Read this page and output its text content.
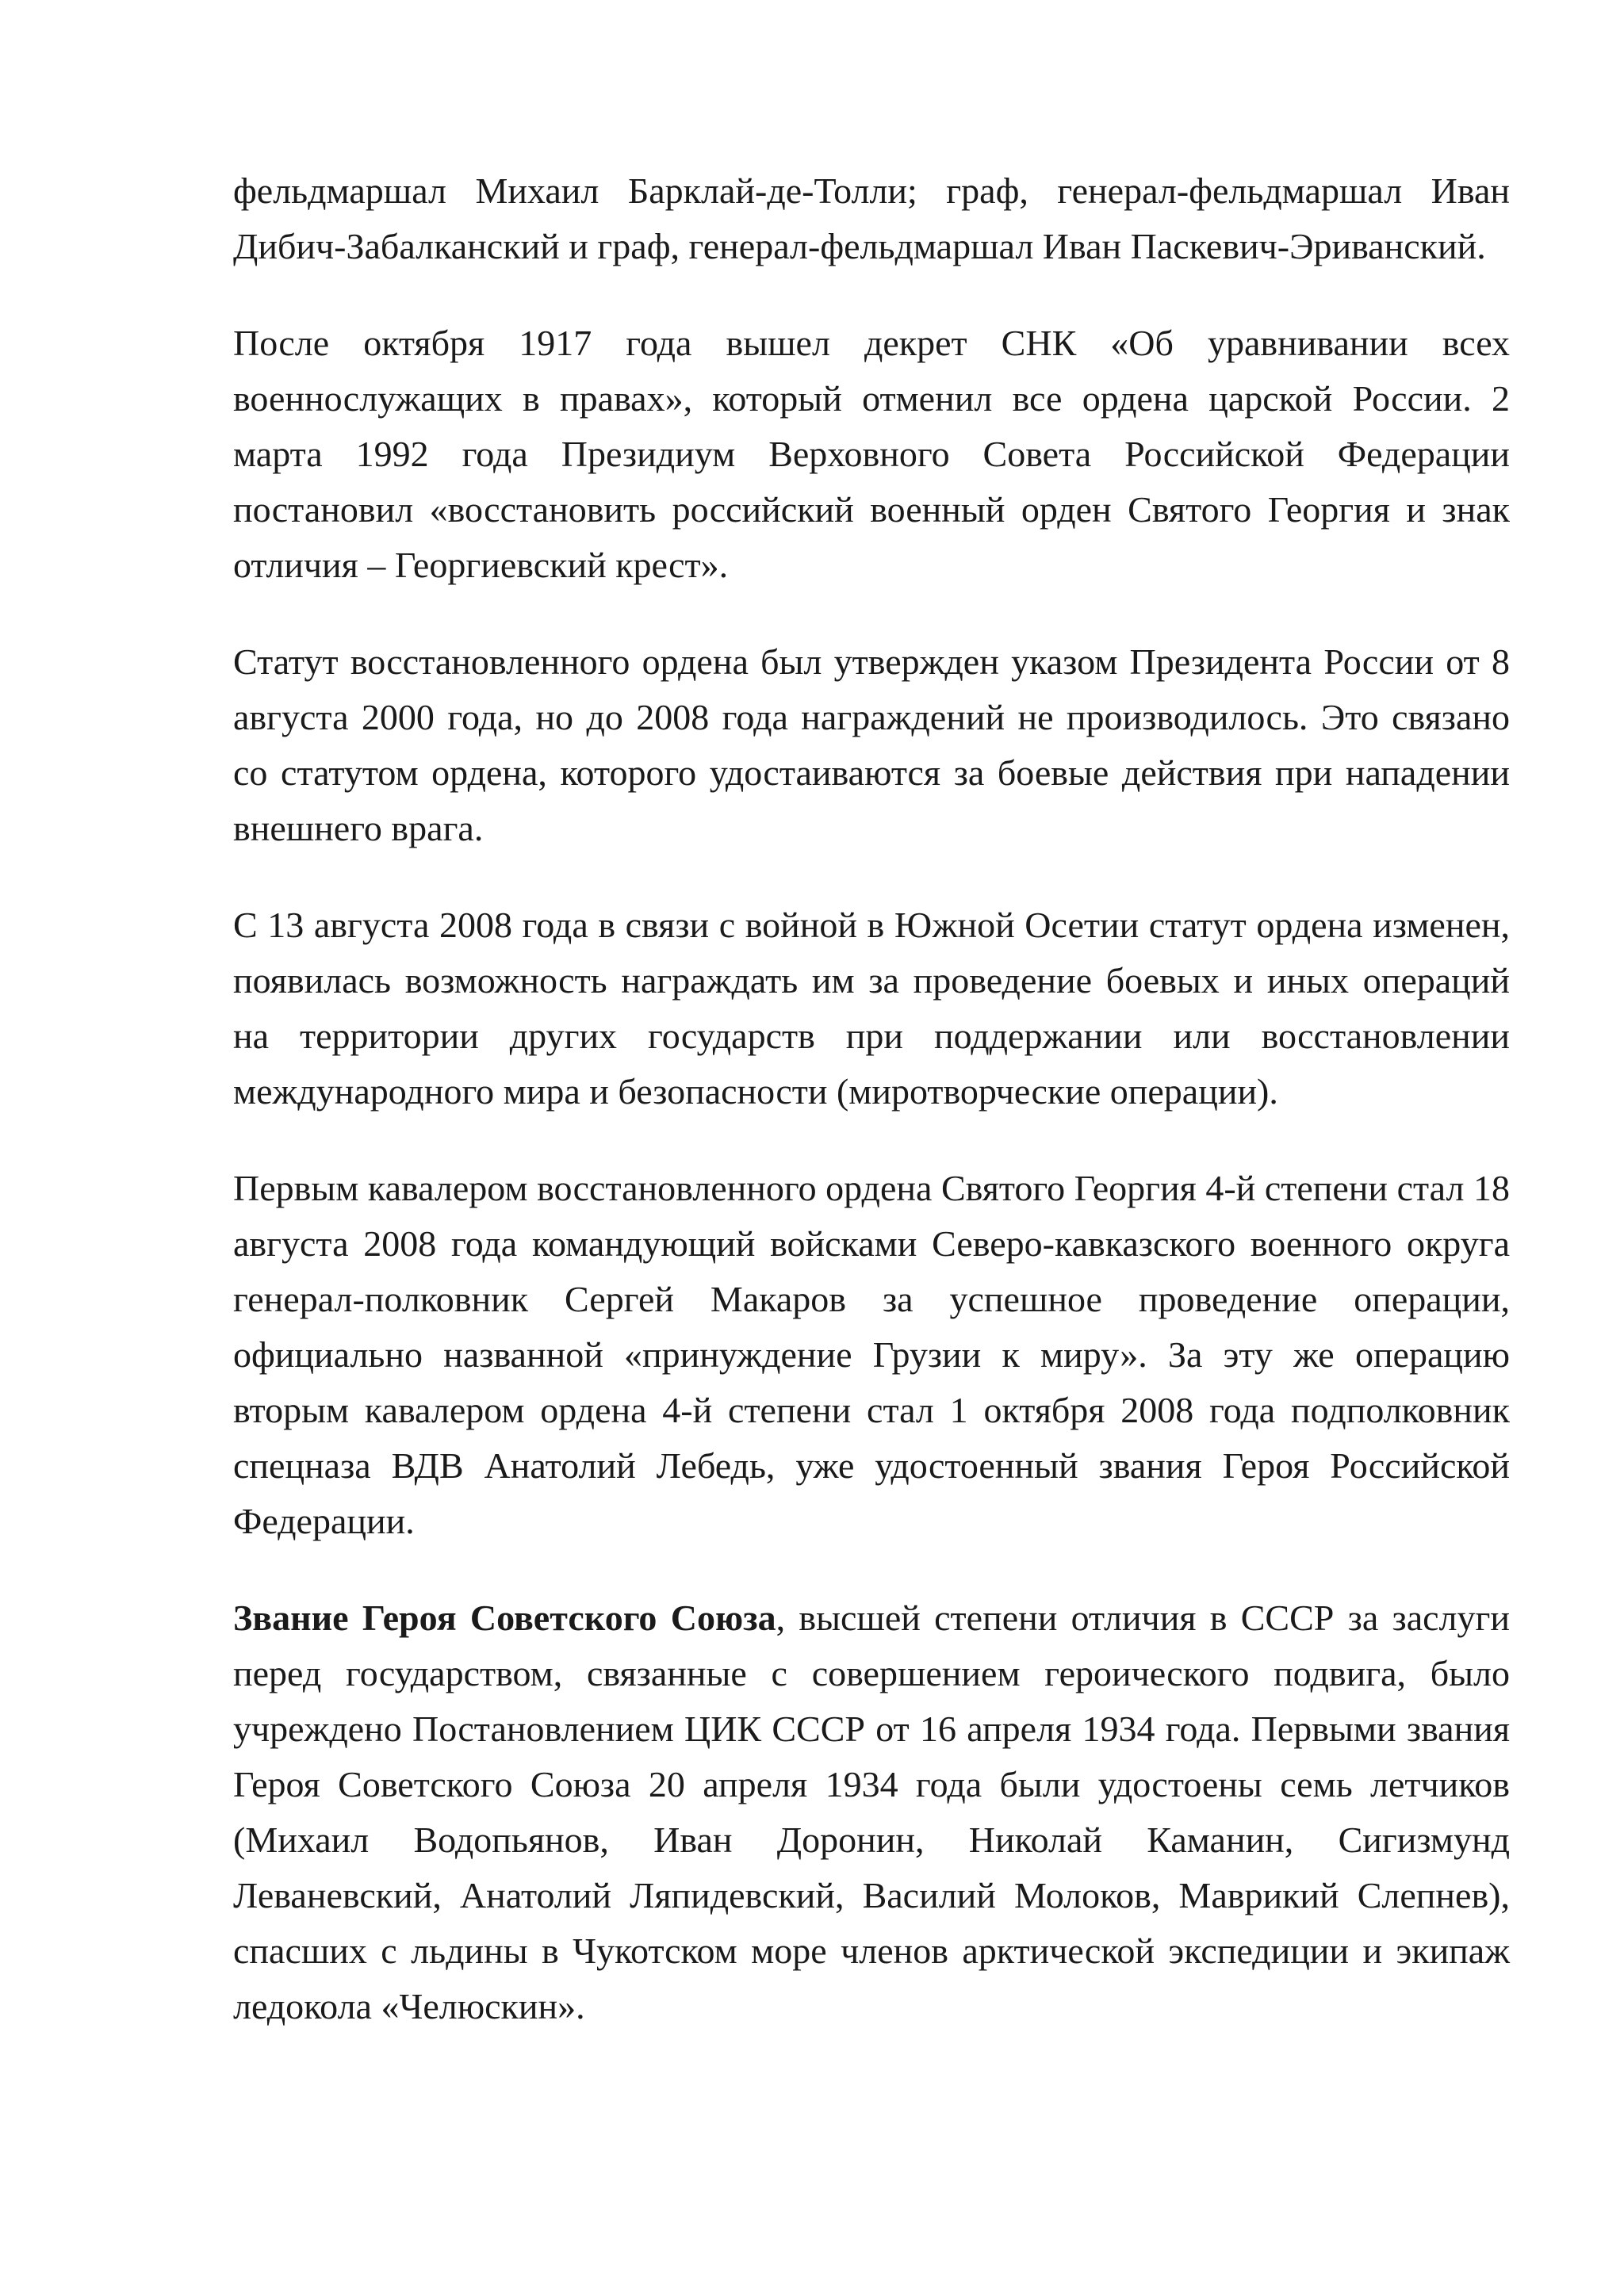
фельдмаршал Михаил Барклай-де-Толли; граф, генерал-фельдмаршал Иван Дибич-Забалканский и граф, генерал-фельдмаршал Иван Паскевич-Эриванский.

После октября 1917 года вышел декрет СНК «Об уравнивании всех военнослужащих в правах», который отменил все ордена царской России. 2 марта 1992 года Президиум Верховного Совета Российской Федерации постановил «восстановить российский военный орден Святого Георгия и знак отличия – Георгиевский крест».

Статут восстановленного ордена был утвержден указом Президента России от 8 августа 2000 года, но до 2008 года награждений не производилось. Это связано со статутом ордена, которого удостаиваются за боевые действия при нападении внешнего врага.

С 13 августа 2008 года в связи с войной в Южной Осетии статут ордена изменен, появилась возможность награждать им за проведение боевых и иных операций на территории других государств при поддержании или восстановлении международного мира и безопасности (миротворческие операции).

Первым кавалером восстановленного ордена Святого Георгия 4-й степени стал 18 августа 2008 года командующий войсками Северо-кавказского военного округа генерал-полковник Сергей Макаров за успешное проведение операции, официально названной «принуждение Грузии к миру». За эту же операцию вторым кавалером ордена 4-й степени стал 1 октября 2008 года подполковник спецназа ВДВ Анатолий Лебедь, уже удостоенный звания Героя Российской Федерации.

Звание Героя Советского Союза, высшей степени отличия в СССР за заслуги перед государством, связанные с совершением героического подвига, было учреждено Постановлением ЦИК СССР от 16 апреля 1934 года. Первыми звания Героя Советского Союза 20 апреля 1934 года были удостоены семь летчиков (Михаил Водопьянов, Иван Доронин, Николай Каманин, Сигизмунд Леваневский, Анатолий Ляпидевский, Василий Молоков, Маврикий Слепнев), спасших с льдины в Чукотском море членов арктической экспедиции и экипаж ледокола «Челюскин».
